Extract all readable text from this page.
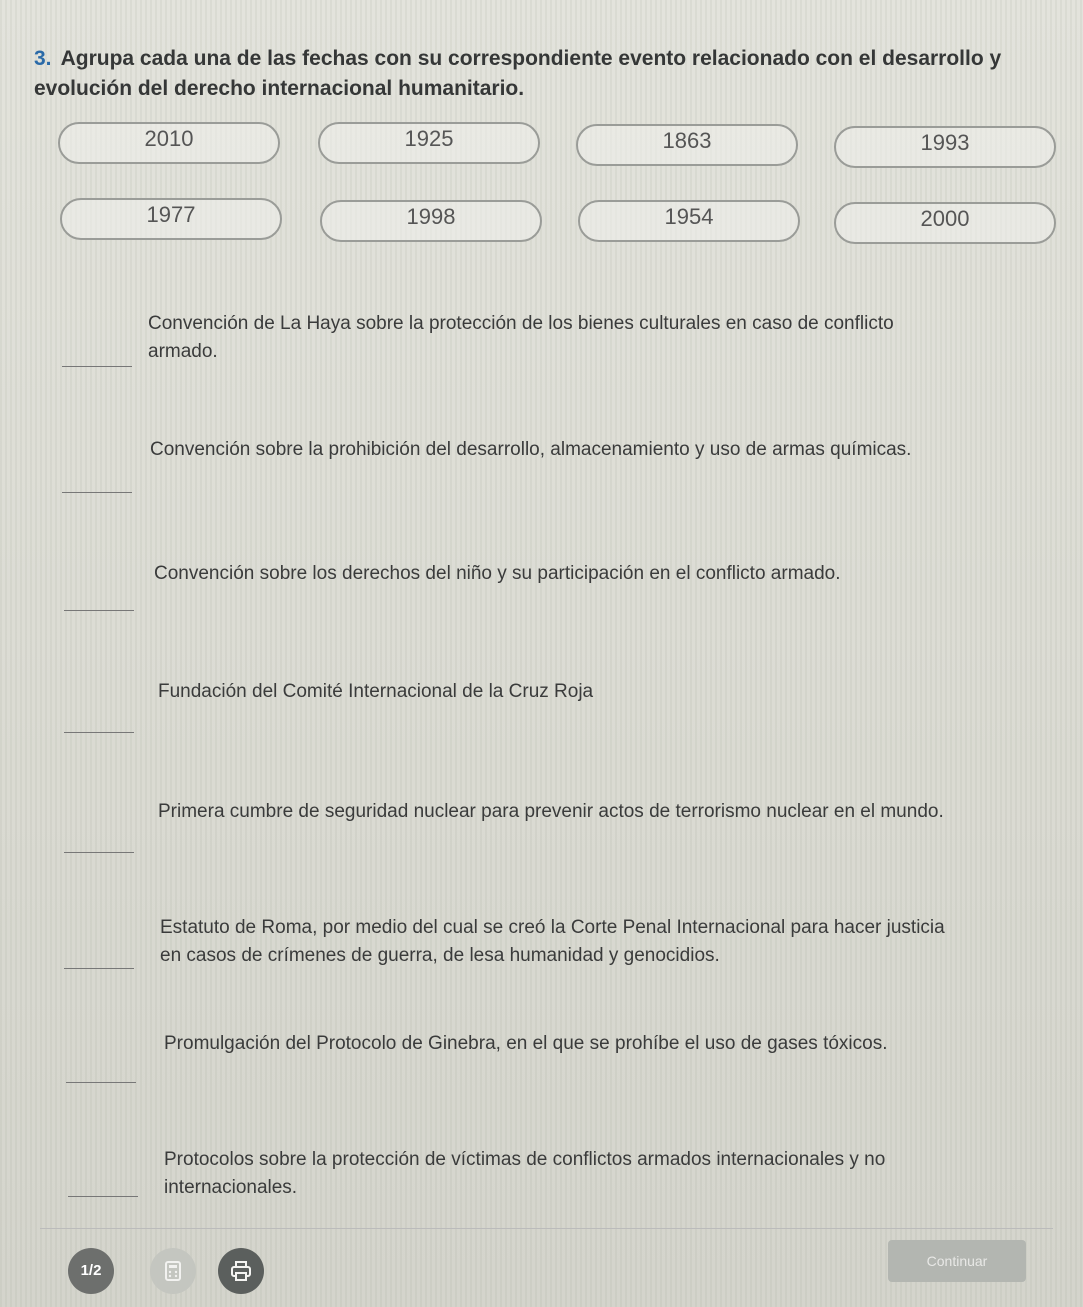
3. Agrupa cada una de las fechas con su correspondiente evento relacionado con el desarrollo y evolución del derecho internacional humanitario.
2010	1925	1863	1993
1977	1998	1954	2000
Convención de La Haya sobre la protección de los bienes culturales en caso de conflicto armado.
Convención sobre la prohibición del desarrollo, almacenamiento y uso de armas químicas.
Convención sobre los derechos del niño y su participación en el conflicto armado.
Fundación del Comité Internacional de la Cruz Roja
Primera cumbre de seguridad nuclear para prevenir actos de terrorismo nuclear en el mundo.
Estatuto de Roma, por medio del cual se creó la Corte Penal Internacional para hacer justicia en casos de crímenes de guerra, de lesa humanidad y genocidios.
Promulgación del Protocolo de Ginebra, en el que se prohíbe el uso de gases tóxicos.
Protocolos sobre la protección de víctimas de conflictos armados internacionales y no internacionales.
1/2
Continuar
